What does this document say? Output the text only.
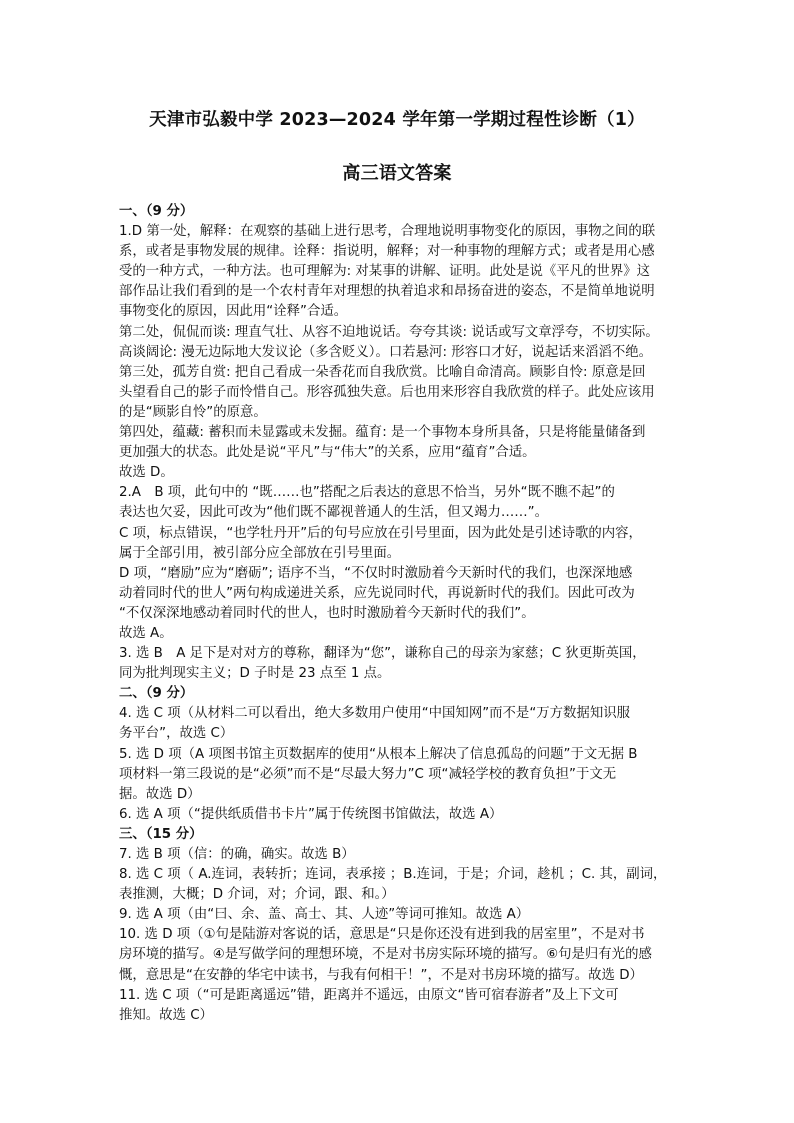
天津市弘毅中学 2023—2024 学年第一学期过程性诊断（1）
高三语文答案
一、（9 分）
1.D 第一处，解释：在观察的基础上进行思考，合理地说明事物变化的原因，事物之间的联
系，或者是事物发展的规律。诠释：指说明，解释；对一种事物的理解方式；或者是用心感
受的一种方式，一种方法。也可理解为: 对某事的讲解、证明。此处是说《平凡的世界》这
部作品让我们看到的是一个农村青年对理想的执着追求和昂扬奋进的姿态，不是简单地说明
事物变化的原因，因此用“诠释”合适。
第二处，侃侃而谈: 理直气壮、从容不迫地说话。夸夸其谈: 说话或写文章浮夸，不切实际。
高谈阔论: 漫无边际地大发议论（多含贬义）。口若悬河: 形容口才好，说起话来滔滔不绝。
第三处，孤芳自赏: 把自己看成一朵香花而自我欣赏。比喻自命清高。顾影自怜: 原意是回
头望看自己的影子而怜惜自己。形容孤独失意。后也用来形容自我欣赏的样子。此处应该用
的是“顾影自怜”的原意。
第四处，蕴藏: 蓄积而未显露或未发掘。蕴育: 是一个事物本身所具备，只是将能量储备到
更加强大的状态。此处是说“平凡”与“伟大”的关系，应用“蕴育”合适。
故选 D。
2.A　B 项，此句中的 “既……也”搭配之后表达的意思不恰当，另外“既不瞧不起”的
表达也欠妥，因此可改为“他们既不鄙视普通人的生活，但又竭力……”。
C 项，标点错误，“也学牡丹开”后的句号应放在引号里面，因为此处是引述诗歌的内容，
属于全部引用，被引部分应全部放在引号里面。
D 项，“磨励”应为“磨砺”; 语序不当，“不仅时时激励着今天新时代的我们，也深深地感
动着同时代的世人”两句构成递进关系，应先说同时代，再说新时代的我们。因此可改为
“不仅深深地感动着同时代的世人，也时时激励着今天新时代的我们”。
故选 A。
3. 选 B　A 足下是对对方的尊称，翻译为“您”，谦称自己的母亲为家慈；C 狄更斯英国，
同为批判现实主义；D 子时是 23 点至 1 点。
二、（9 分）
4. 选 C 项（从材料二可以看出，绝大多数用户使用“中国知网”而不是“万方数据知识服
务平台”，故选 C）
5. 选 D 项（A 项图书馆主页数据库的使用“从根本上解决了信息孤岛的问题”于文无据 B
项材料一第三段说的是“必须”而不是“尽最大努力”C 项“减轻学校的教育负担”于文无
据。故选 D）
6. 选 A 项（“提供纸质借书卡片”属于传统图书馆做法，故选 A）
三、（15 分）
7. 选 B 项（信：的确，确实。故选 B）
8. 选 C 项（ A.连词，表转折；连词，表承接 ；B.连词，于是；介词，趁机 ；C. 其，副词，
表推测，大概；D 介词，对；介词，跟、和。）
9. 选 A 项（由“曰、余、盖、高士、其、人迹”等词可推知。故选 A）
10. 选 D 项（①句是陆游对客说的话，意思是“只是你还没有进到我的居室里”，不是对书
房环境的描写。④是写做学问的理想环境，不是对书房实际环境的描写。⑥句是归有光的感
慨，意思是“在安静的华宅中读书，与我有何相干！”，不是对书房环境的描写。故选 D）
11. 选 C 项（“可是距离遥远”错，距离并不遥远，由原文“皆可宿春游者”及上下文可
推知。故选 C）
